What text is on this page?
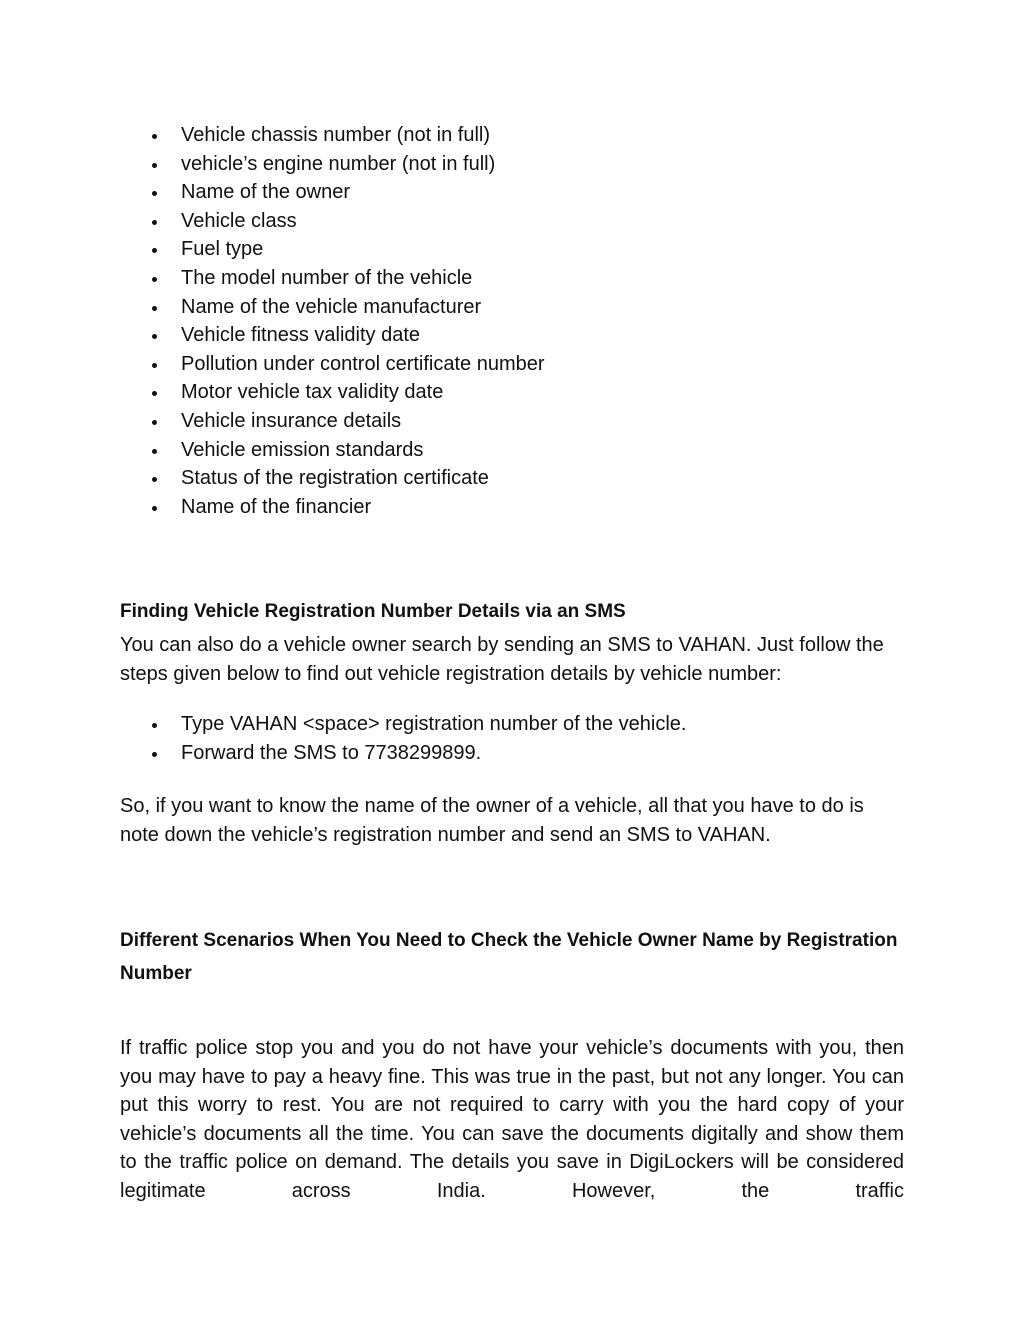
Vehicle chassis number (not in full)
vehicle’s engine number (not in full)
Name of the owner
Vehicle class
Fuel type
The model number of the vehicle
Name of the vehicle manufacturer
Vehicle fitness validity date
Pollution under control certificate number
Motor vehicle tax validity date
Vehicle insurance details
Vehicle emission standards
Status of the registration certificate
Name of the financier
Finding Vehicle Registration Number Details via an SMS

You can also do a vehicle owner search by sending an SMS to VAHAN. Just follow the steps given below to find out vehicle registration details by vehicle number:

Type VAHAN <space> registration number of the vehicle.
Forward the SMS to 7738299899.

So, if you want to know the name of the owner of a vehicle, all that you have to do is note down the vehicle’s registration number and send an SMS to VAHAN.

Different Scenarios When You Need to Check the Vehicle Owner Name by Registration Number

If traffic police stop you and you do not have your vehicle’s documents with you, then you may have to pay a heavy fine. This was true in the past, but not any longer. You can put this worry to rest. You are not required to carry with you the hard copy of your vehicle’s documents all the time. You can save the documents digitally and show them to the traffic police on demand. The details you save in DigiLockers will be considered legitimate across India. However, the traffic
